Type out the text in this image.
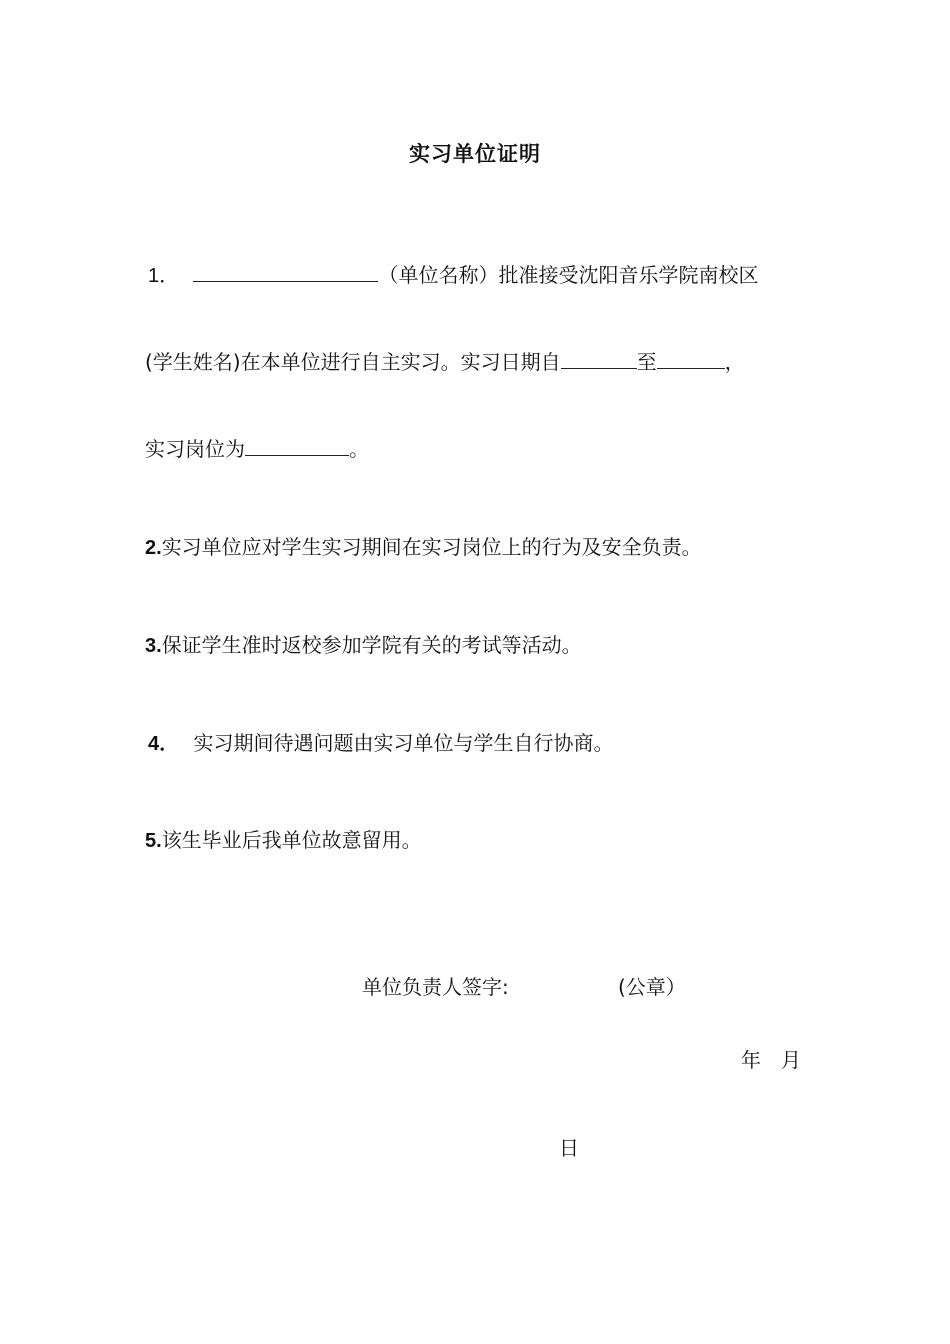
实习单位证明
1．	（单位名称）批准接受沈阳音乐学院南校区
(学生姓名)在本单位进行自主实习。实习日期自	至	，
实习岗位为	。
2.实习单位应对学生实习期间在实习岗位上的行为及安全负责。
3.保证学生准时返校参加学院有关的考试等活动。
4． 实习期间待遇问题由实习单位与学生自行协商。
5.该生毕业后我单位故意留用。
单位负责人签字:	(公章）
年 月
日
